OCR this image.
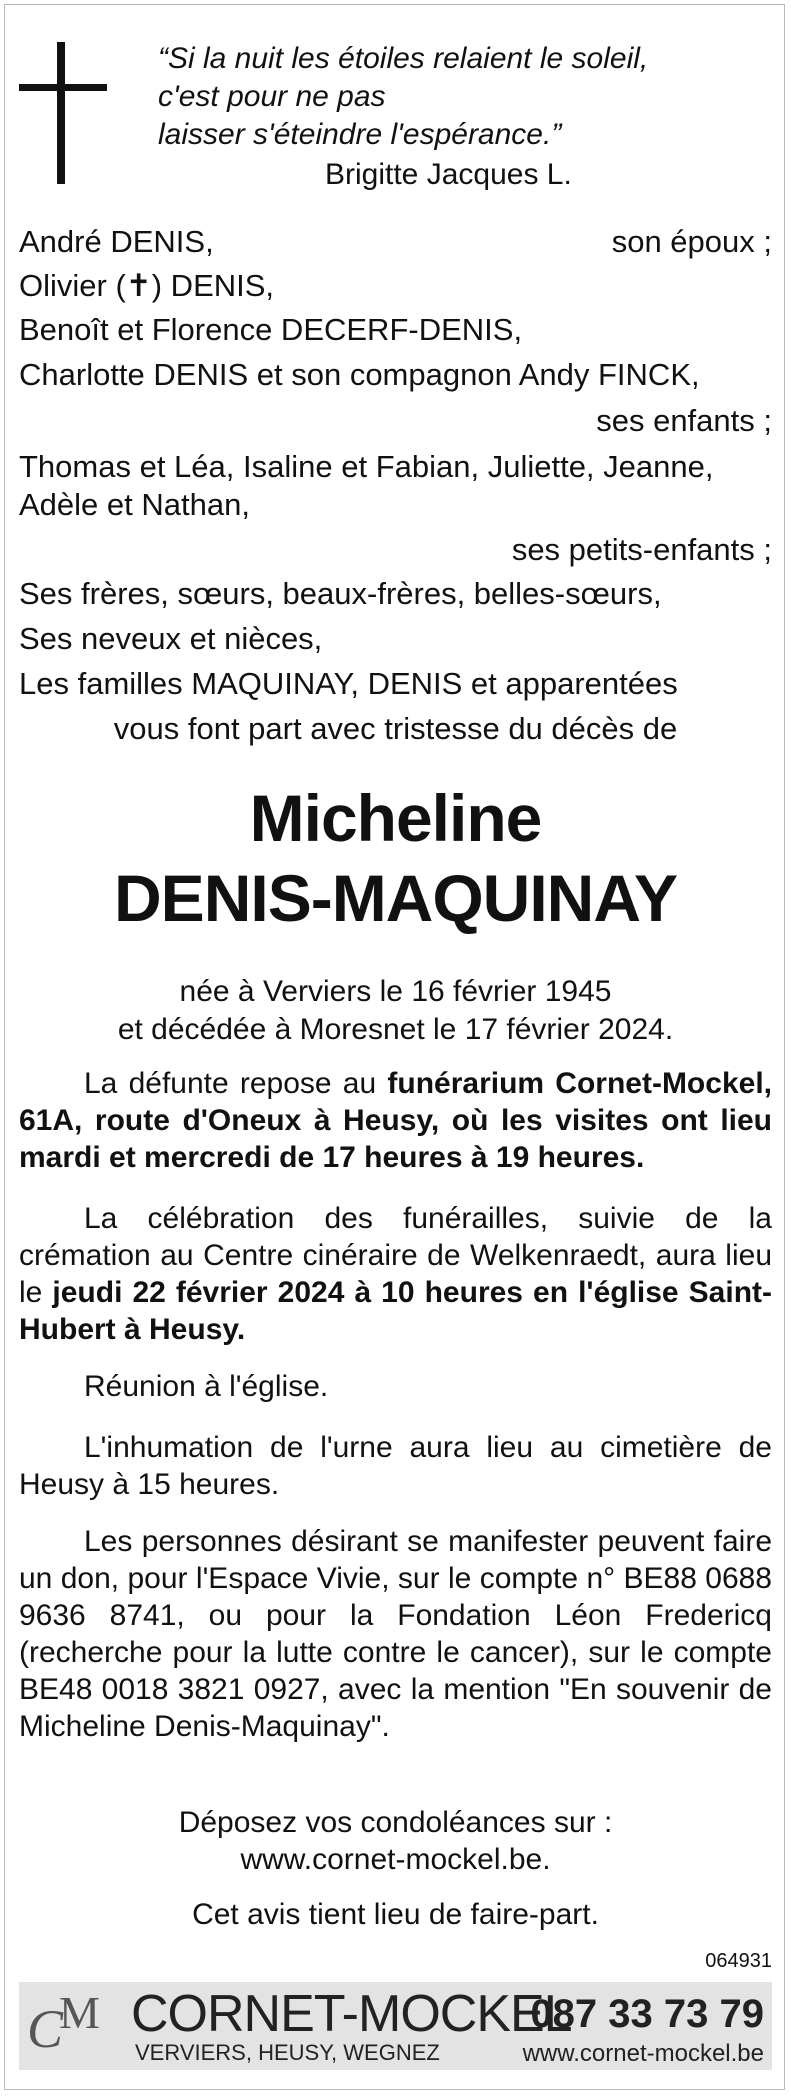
“Si la nuit les étoiles relaient le soleil,
c'est pour ne pas
laisser s'éteindre l'espérance.”
Brigitte Jacques L.
André DENIS,	son époux ;
Olivier (✝) DENIS,
Benoît et Florence DECERF-DENIS,
Charlotte DENIS et son compagnon Andy FINCK,
ses enfants ;
Thomas et Léa, Isaline et Fabian, Juliette, Jeanne,
Adèle et Nathan,
ses petits-enfants ;
Ses frères, sœurs, beaux-frères, belles-sœurs,
Ses neveux et nièces,
Les familles MAQUINAY, DENIS et apparentées
vous font part avec tristesse du décès de
Micheline
DENIS-MAQUINAY
née à Verviers le 16 février 1945
et décédée à Moresnet le 17 février 2024.
La défunte repose au funérarium Cornet-Mockel, 61A, route d'Oneux à Heusy, où les visites ont lieu mardi et mercredi de 17 heures à 19 heures.
La célébration des funérailles, suivie de la crémation au Centre cinéraire de Welkenraedt, aura lieu le jeudi 22 février 2024 à 10 heures en l'église Saint-Hubert à Heusy.
Réunion à l'église.
L'inhumation de l'urne aura lieu au cimetière de Heusy à 15 heures.
Les personnes désirant se manifester peuvent faire un don, pour l'Espace Vivie, sur le compte n° BE88 0688 9636 8741, ou pour la Fondation Léon Fredericq (recherche pour la lutte contre le cancer), sur le compte BE48 0018 3821 0927, avec la mention "En souvenir de Micheline Denis-Maquinay".
Déposez vos condoléances sur :
www.cornet-mockel.be.
Cet avis tient lieu de faire-part.
064931
C
M CORNET-MOCKEL
VERVIERS, HEUSY, WEGNEZ
087 33 73 79
www.cornet-mockel.be
